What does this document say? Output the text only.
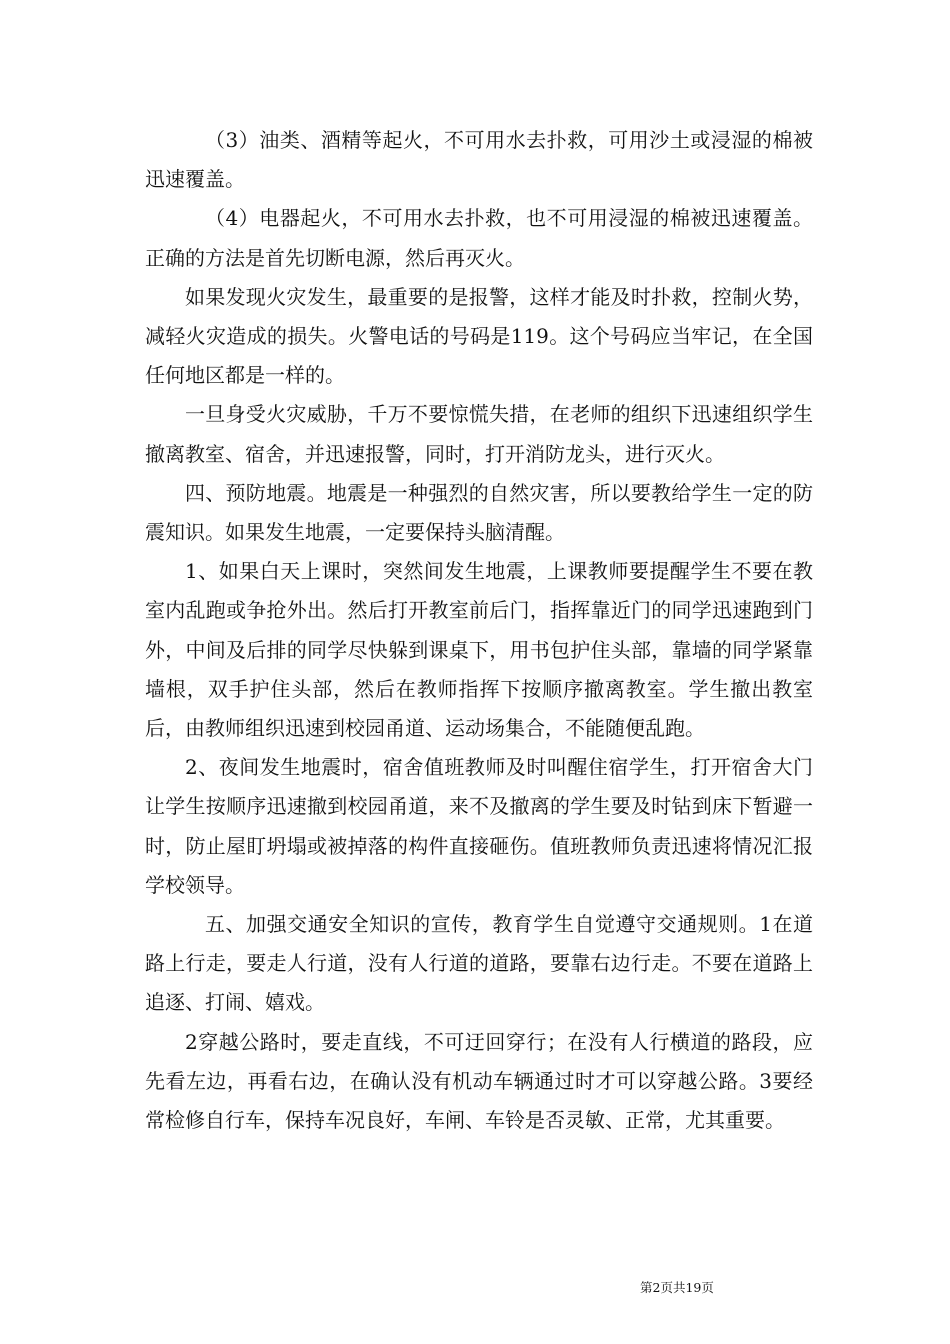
（3）油类、酒精等起火，不可用水去扑救，可用沙土或浸湿的棉被迅速覆盖。

（4）电器起火，不可用水去扑救，也不可用浸湿的棉被迅速覆盖。正确的方法是首先切断电源，然后再灭火。

如果发现火灾发生，最重要的是报警，这样才能及时扑救，控制火势，减轻火灾造成的损失。火警电话的号码是119。这个号码应当牢记，在全国任何地区都是一样的。

一旦身受火灾威胁，千万不要惊慌失措，在老师的组织下迅速组织学生撤离教室、宿舍，并迅速报警，同时，打开消防龙头，进行灭火。

四、预防地震。地震是一种强烈的自然灾害，所以要教给学生一定的防震知识。如果发生地震，一定要保持头脑清醒。

1、如果白天上课时，突然间发生地震，上课教师要提醒学生不要在教室内乱跑或争抢外出。然后打开教室前后门，指挥靠近门的同学迅速跑到门外，中间及后排的同学尽快躲到课桌下，用书包护住头部，靠墙的同学紧靠墙根，双手护住头部，然后在教师指挥下按顺序撤离教室。学生撤出教室后，由教师组织迅速到校园甬道、运动场集合，不能随便乱跑。

2、夜间发生地震时，宿舍值班教师及时叫醒住宿学生，打开宿舍大门让学生按顺序迅速撤到校园甬道，来不及撤离的学生要及时钻到床下暂避一时，防止屋盯坍塌或被掉落的构件直接砸伤。值班教师负责迅速将情况汇报学校领导。

五、加强交通安全知识的宣传，教育学生自觉遵守交通规则。1在道路上行走，要走人行道，没有人行道的道路，要靠右边行走。不要在道路上追逐、打闹、嬉戏。

2穿越公路时，要走直线，不可迂回穿行；在没有人行横道的路段，应先看左边，再看右边，在确认没有机动车辆通过时才可以穿越公路。3要经常检修自行车，保持车况良好，车闸、车铃是否灵敏、正常，尤其重要。

第2页共19页
